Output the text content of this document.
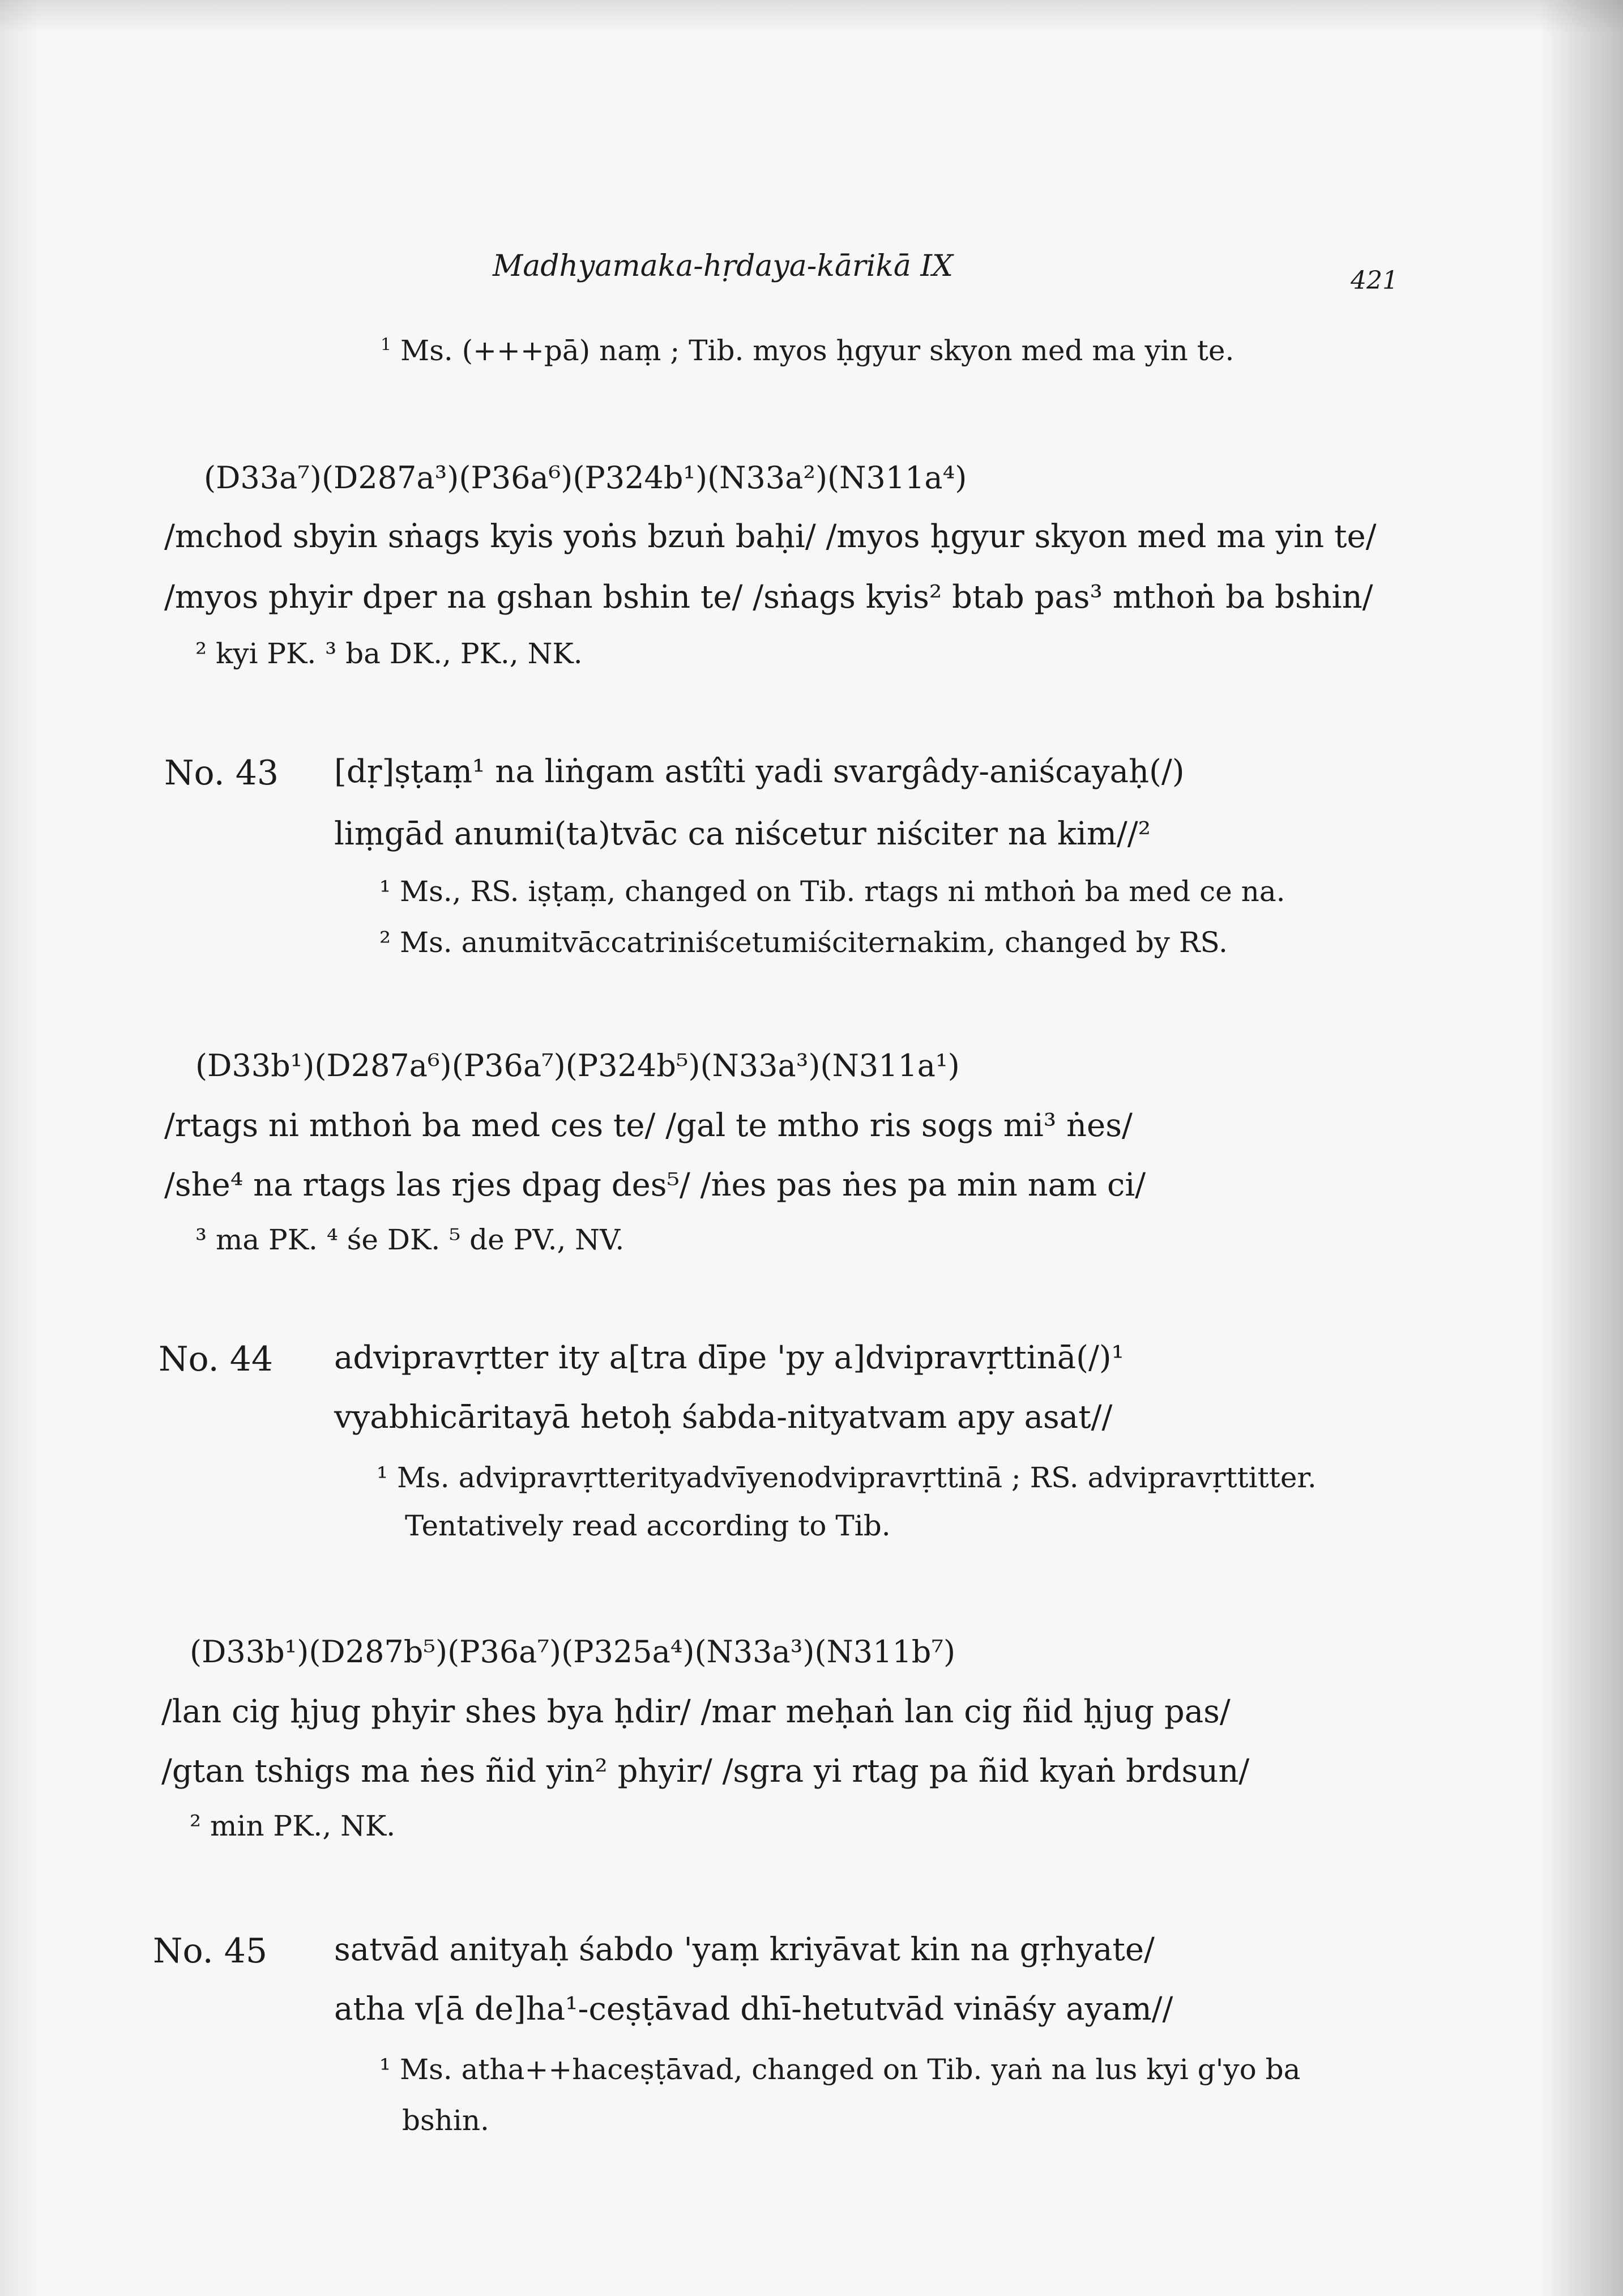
Madhyamaka-hṛdaya-kārikā IX	421
$^1$ Ms. (+++pā) naṃ ; Tib. myos ḥgyur skyon med ma yin te.
(D33a⁷)(D287a³)(P36a⁶)(P324b¹)(N33a²)(N311a⁴)
/mchod sbyin sṅags kyis yoṅs bzuṅ baḥi/ /myos ḥgyur skyon med ma yin te/
/myos phyir dper na gshan bshin te/ /sṅags kyis² btab pas³ mthoṅ ba bshin/
² kyi PK. ³ ba DK., PK., NK.
No. 43 [dṛ]ṣṭaṃ¹ na liṅgam astîti yadi svargâdy-aniścayaḥ(/)
liṃgād anumi(ta)tvāc ca niścetur niściter na kim//²
¹ Ms., RS. iṣṭaṃ, changed on Tib. rtags ni mthoṅ ba med ce na.
² Ms. anumitvāccatriniścetumiściternakim, changed by RS.
(D33b¹)(D287a⁶)(P36a⁷)(P324b⁵)(N33a³)(N311a¹)
/rtags ni mthoṅ ba med ces te/ /gal te mtho ris sogs mi³ ṅes/
/she⁴ na rtags las rjes dpag des⁵/ /ṅes pas ṅes pa min nam ci/
³ ma PK. ⁴ śe DK. ⁵ de PV., NV.
No. 44 advipravṛtter ity a[tra dīpe 'py a]dvipravṛttinā(/)¹
vyabhicāritayā hetoḥ śabda-nityatvam apy asat//
¹ Ms. advipravṛtterityadvīyenodvipravṛttinā ; RS. advipravṛttitter.
Tentatively read according to Tib.
(D33b¹)(D287b⁵)(P36a⁷)(P325a⁴)(N33a³)(N311b⁷)
/lan cig ḥjug phyir shes bya ḥdir/ /mar meḥaṅ lan cig ñid ḥjug pas/
/gtan tshigs ma ṅes ñid yin² phyir/ /sgra yi rtag pa ñid kyaṅ brdsun/
² min PK., NK.
No. 45 satvād anityaḥ śabdo 'yaṃ kriyāvat kin na gṛhyate/
atha v[ā de]ha¹-ceṣṭāvad dhī-hetutvād vināśy ayam//
¹ Ms. atha++haceṣṭāvad, changed on Tib. yaṅ na lus kyi g'yo ba
bshin.
